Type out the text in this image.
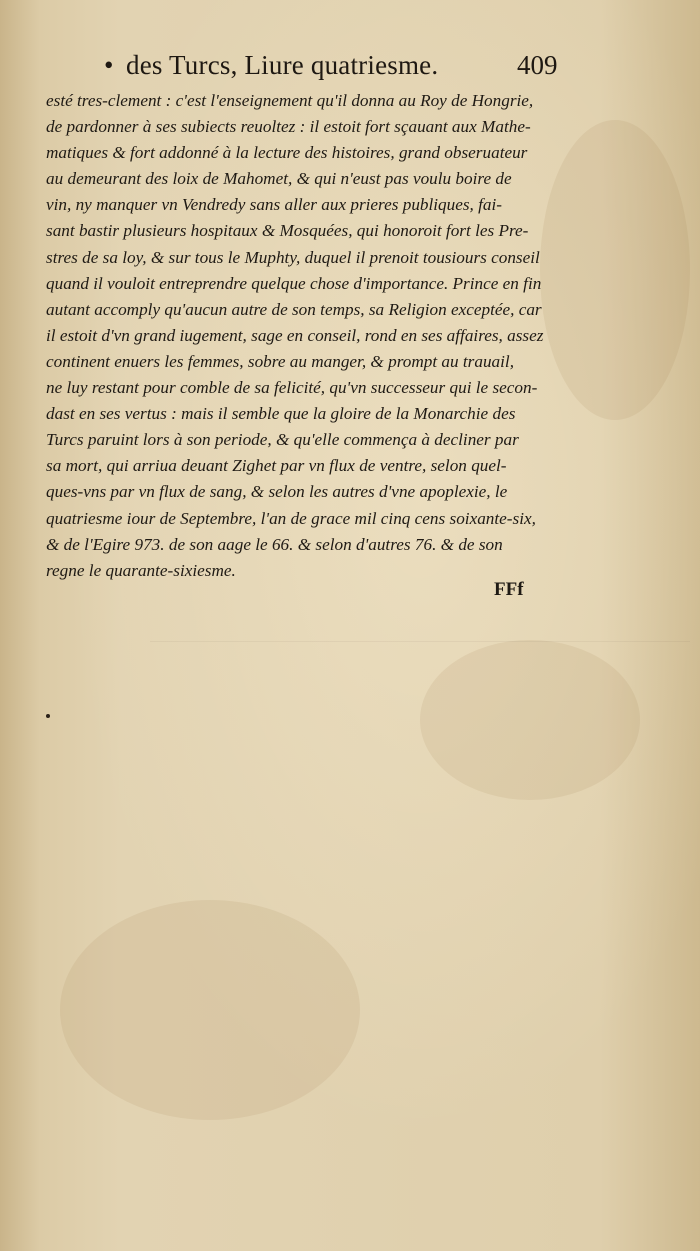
• des Turcs, Liure quatriesme.	409
esté tres-clement : c'est l'enseignement qu'il donna au Roy de Hongrie,
de pardonner à ses subiects reuoltez : il estoit fort sçauant aux Mathe-
matiques & fort addonné à la lecture des histoires, grand obseruateur
au demeurant des loix de Mahomet, & qui n'eust pas voulu boire de
vin, ny manquer vn Vendredy sans aller aux prieres publiques, fai-
sant bastir plusieurs hospitaux & Mosquées, qui honoroit fort les Pre-
stres de sa loy, & sur tous le Muphty, duquel il prenoit tousiours conseil
quand il vouloit entreprendre quelque chose d'importance. Prince en fin
autant accomply qu'aucun autre de son temps, sa Religion exceptée, car
il estoit d'vn grand iugement, sage en conseil, rond en ses affaires, assez
continent enuers les femmes, sobre au manger, & prompt au trauail,
ne luy restant pour comble de sa felicité, qu'vn successeur qui le secon-
dast en ses vertus : mais il semble que la gloire de la Monarchie des
Turcs paruint lors à son periode, & qu'elle commença à decliner par
sa mort, qui arriua deuant Zighet par vn flux de ventre, selon quel-
ques-vns par vn flux de sang, & selon les autres d'vne apoplexie, le
quatriesme iour de Septembre, l'an de grace mil cinq cens soixante-six,
& de l'Egire 973. de son aage le 66. & selon d'autres 76. & de son
regne le quarante-sixiesme.
FFf
